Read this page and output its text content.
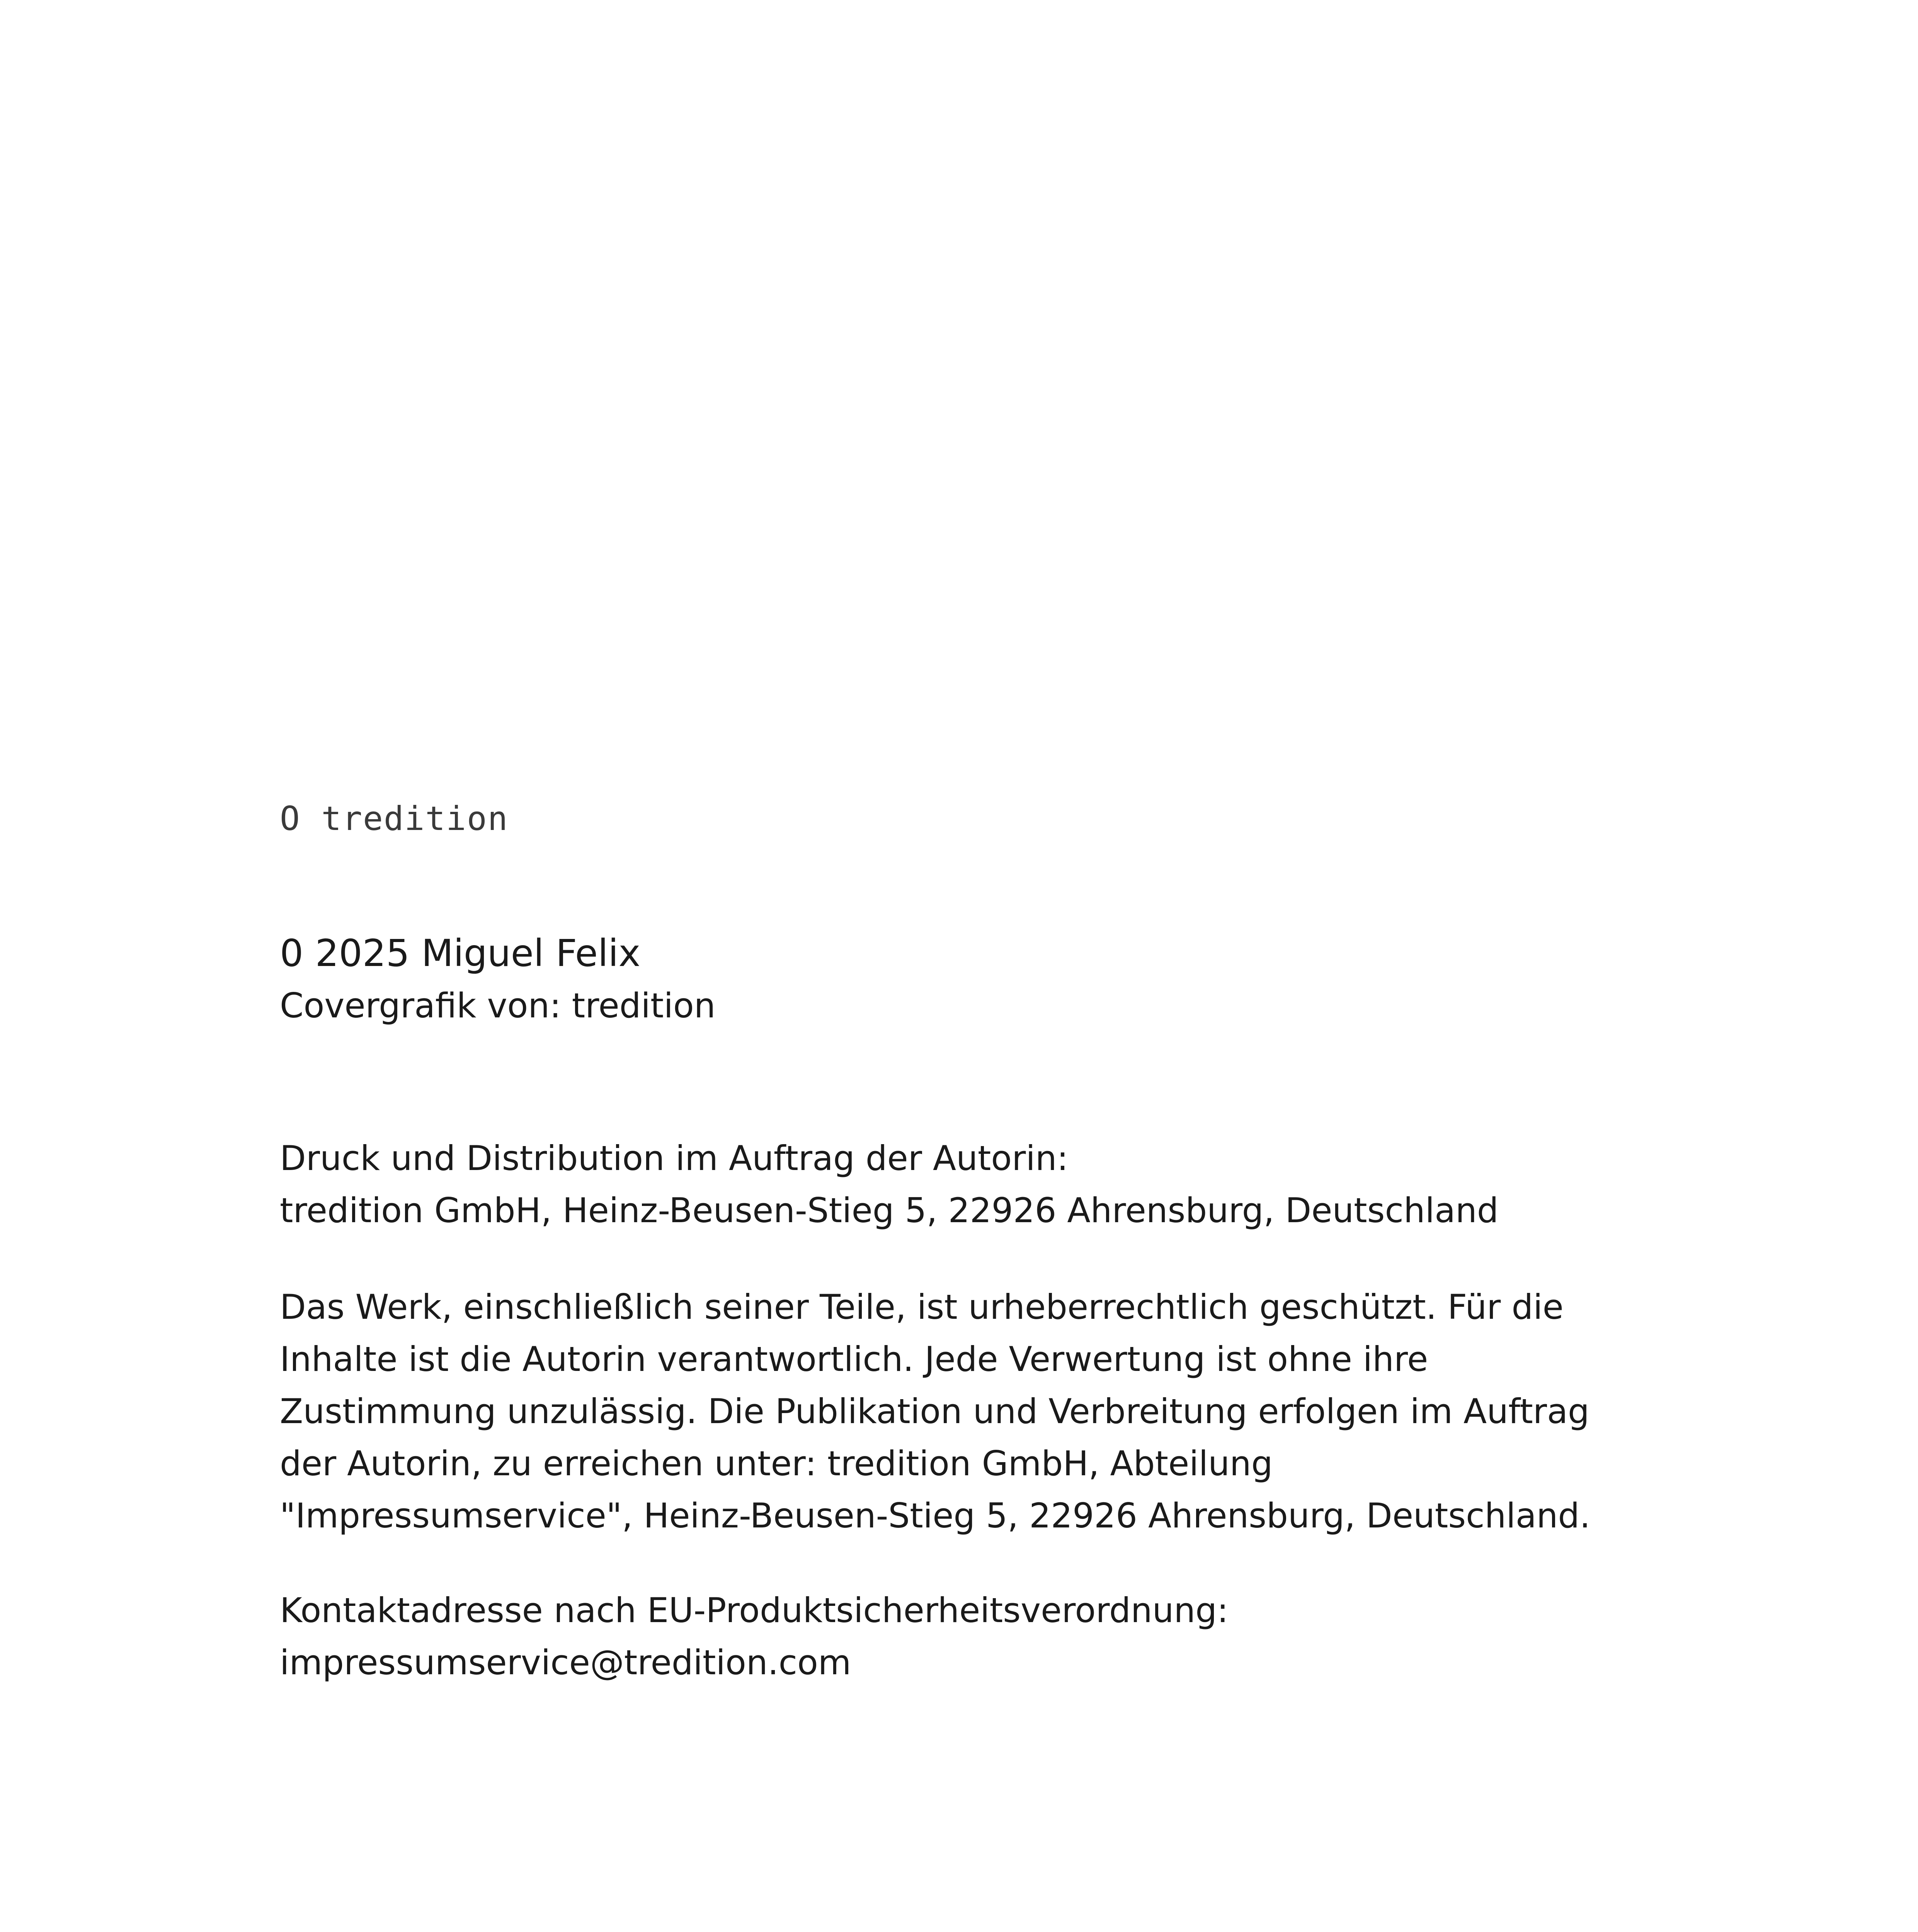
O tredition
0 2025 Miguel Felix
Covergrafik von: tredition
Druck und Distribution im Auftrag der Autorin:
tredition GmbH, Heinz-Beusen-Stieg 5, 22926 Ahrensburg, Deutschland
Das Werk, einschließlich seiner Teile, ist urheberrechtlich geschützt. Für die
Inhalte ist die Autorin verantwortlich. Jede Verwertung ist ohne ihre
Zustimmung unzulässig. Die Publikation und Verbreitung erfolgen im Auftrag
der Autorin, zu erreichen unter: tredition GmbH, Abteilung
"Impressumservice", Heinz-Beusen-Stieg 5, 22926 Ahrensburg, Deutschland.
Kontaktadresse nach EU-Produktsicherheitsverordnung:
impressumservice@tredition.com
